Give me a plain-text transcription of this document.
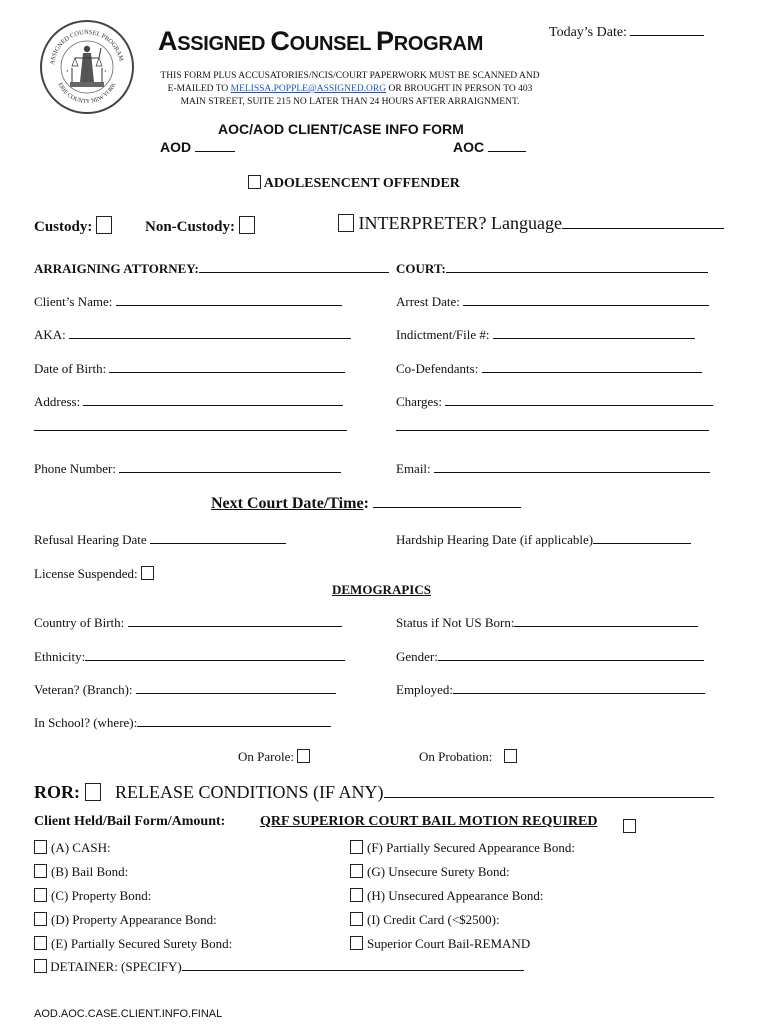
ASSIGNED COUNSEL PROGRAM
ERIE COUNTY NEW YORK
★	★
ASSIGNED COUNSEL PROGRAM
Today’s Date:
THIS FORM PLUS ACCUSATORIES/NCIS/COURT PAPERWORK MUST BE SCANNED AND
E-MAILED TO MELISSA.POPPLE@ASSIGNED.ORG OR BROUGHT IN PERSON TO 403
MAIN STREET, SUITE 215 NO LATER THAN 24 HOURS AFTER ARRAIGNMENT.
AOC/AOD CLIENT/CASE INFO FORM
AOD	AOC
ADOLESENCENT OFFENDER
Custody:	Non-Custody:	INTERPRETER? Language
ARRAIGNING ATTORNEY:	COURT:
Client’s Name:	Arrest Date:
AKA:	Indictment/File #:
Date of Birth:	Co-Defendants:
Address:	Charges:
Phone Number:	Email:
Next Court Date/Time:
Refusal Hearing Date	Hardship Hearing Date (if applicable)
License Suspended:
DEMOGRAPICS
Country of Birth:	Status if Not US Born:
Ethnicity:	Gender:
Veteran? (Branch):	Employed:
In School? (where):
On Parole:	On Probation:
ROR:	RELEASE CONDITIONS (IF ANY)
Client Held/Bail Form/Amount: QRF SUPERIOR COURT BAIL MOTION REQUIRED
(A) CASH:
(B) Bail Bond:
(C) Property Bond:
(D) Property Appearance Bond:
(E) Partially Secured Surety Bond:
(F) Partially Secured Appearance Bond:
(G) Unsecure Surety Bond:
(H) Unsecured Appearance Bond:
(I) Credit Card (<$2500):
Superior Court Bail-REMAND
DETAINER: (SPECIFY)
AOD.AOC.CASE.CLIENT.INFO.FINAL
